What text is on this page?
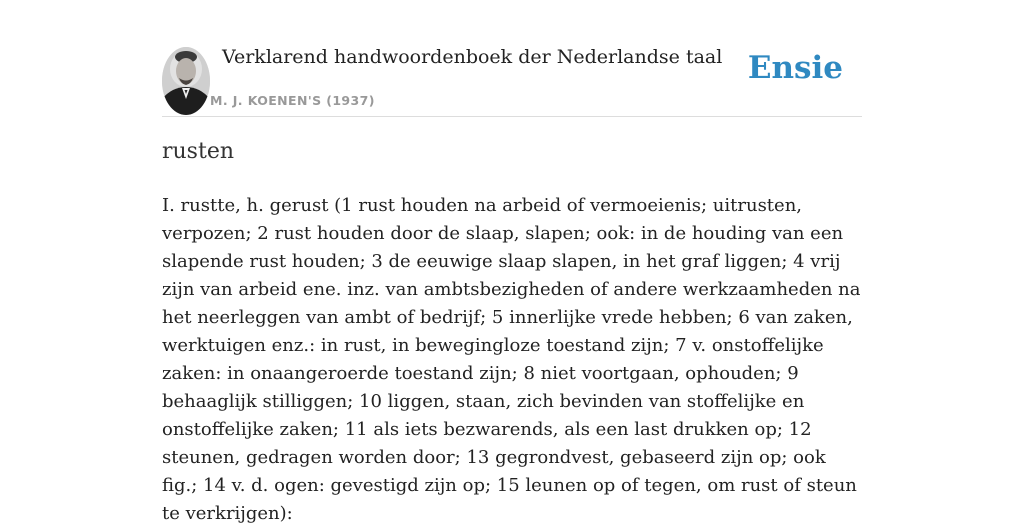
Verklarend handwoordenboek der Nederlandse taal
M. J. KOENEN'S (1937)
Ensie
rusten

I. rustte, h. gerust (1 rust houden na arbeid of vermoeienis; uitrusten, verpozen; 2 rust houden door de slaap, slapen; ook: in de houding van een slapende rust houden; 3 de eeuwige slaap slapen, in het graf liggen; 4 vrij zijn van arbeid ene. inz. van ambtsbezigheden of andere werkzaamheden na het neerleggen van ambt of bedrijf; 5 innerlijke vrede hebben; 6 van zaken, werktuigen enz.: in rust, in bewegingloze toestand zijn; 7 v. onstoffelijke zaken: in onaangeroerde toestand zijn; 8 niet voortgaan, ophouden; 9 behaaglijk stilliggen; 10 liggen, staan, zich bevinden van stoffelijke en onstoffelijke zaken; 11 als iets bezwarends, als een last drukken op; 12 steunen, gedragen worden door; 13 gegrondvest, gebaseerd zijn op; ook fig.; 14 v. d. ogen: gevestigd zijn op; 15 leunen op of tegen, om rust of steun te verkrijgen):
